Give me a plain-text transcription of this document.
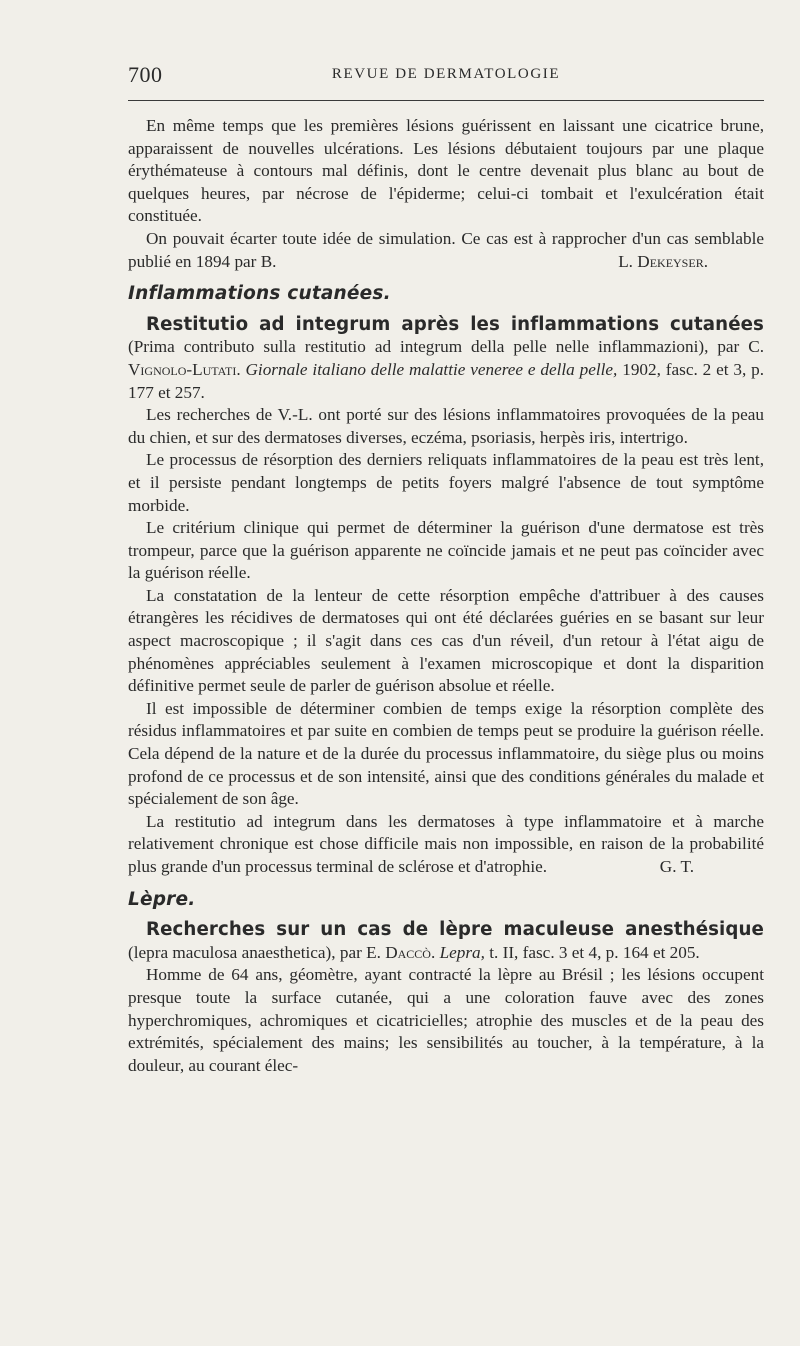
700	REVUE DE DERMATOLOGIE

En même temps que les premières lésions guérissent en laissant une cicatrice brune, apparaissent de nouvelles ulcérations. Les lésions débutaient toujours par une plaque érythémateuse à contours mal définis, dont le centre devenait plus blanc au bout de quelques heures, par nécrose de l'épiderme; celui-ci tombait et l'exulcération était constituée.

On pouvait écarter toute idée de simulation. Ce cas est à rapprocher d'un cas semblable publié en 1894 par B.	L. Dekeyser.

Inflammations cutanées.

Restitutio ad integrum après les inflammations cutanées (Prima contributo sulla restitutio ad integrum della pelle nelle inflammazioni), par C. Vignolo-Lutati. Giornale italiano delle malattie veneree e della pelle, 1902, fasc. 2 et 3, p. 177 et 257.

Les recherches de V.-L. ont porté sur des lésions inflammatoires provoquées de la peau du chien, et sur des dermatoses diverses, eczéma, psoriasis, herpès iris, intertrigo.

Le processus de résorption des derniers reliquats inflammatoires de la peau est très lent, et il persiste pendant longtemps de petits foyers malgré l'absence de tout symptôme morbide.

Le critérium clinique qui permet de déterminer la guérison d'une dermatose est très trompeur, parce que la guérison apparente ne coïncide jamais et ne peut pas coïncider avec la guérison réelle.

La constatation de la lenteur de cette résorption empêche d'attribuer à des causes étrangères les récidives de dermatoses qui ont été déclarées guéries en se basant sur leur aspect macroscopique ; il s'agit dans ces cas d'un réveil, d'un retour à l'état aigu de phénomènes appréciables seulement à l'examen microscopique et dont la disparition définitive permet seule de parler de guérison absolue et réelle.

Il est impossible de déterminer combien de temps exige la résorption complète des résidus inflammatoires et par suite en combien de temps peut se produire la guérison réelle. Cela dépend de la nature et de la durée du processus inflammatoire, du siège plus ou moins profond de ce processus et de son intensité, ainsi que des conditions générales du malade et spécialement de son âge.

La restitutio ad integrum dans les dermatoses à type inflammatoire et à marche relativement chronique est chose difficile mais non impossible, en raison de la probabilité plus grande d'un processus terminal de sclérose et d'atrophie.	G. T.

Lèpre.

Recherches sur un cas de lèpre maculeuse anesthésique (lepra maculosa anaesthetica), par E. Daccò. Lepra, t. II, fasc. 3 et 4, p. 164 et 205.

Homme de 64 ans, géomètre, ayant contracté la lèpre au Brésil ; les lésions occupent presque toute la surface cutanée, qui a une coloration fauve avec des zones hyperchromiques, achromiques et cicatricielles; atrophie des muscles et de la peau des extrémités, spécialement des mains; les sensibilités au toucher, à la température, à la douleur, au courant élec-
